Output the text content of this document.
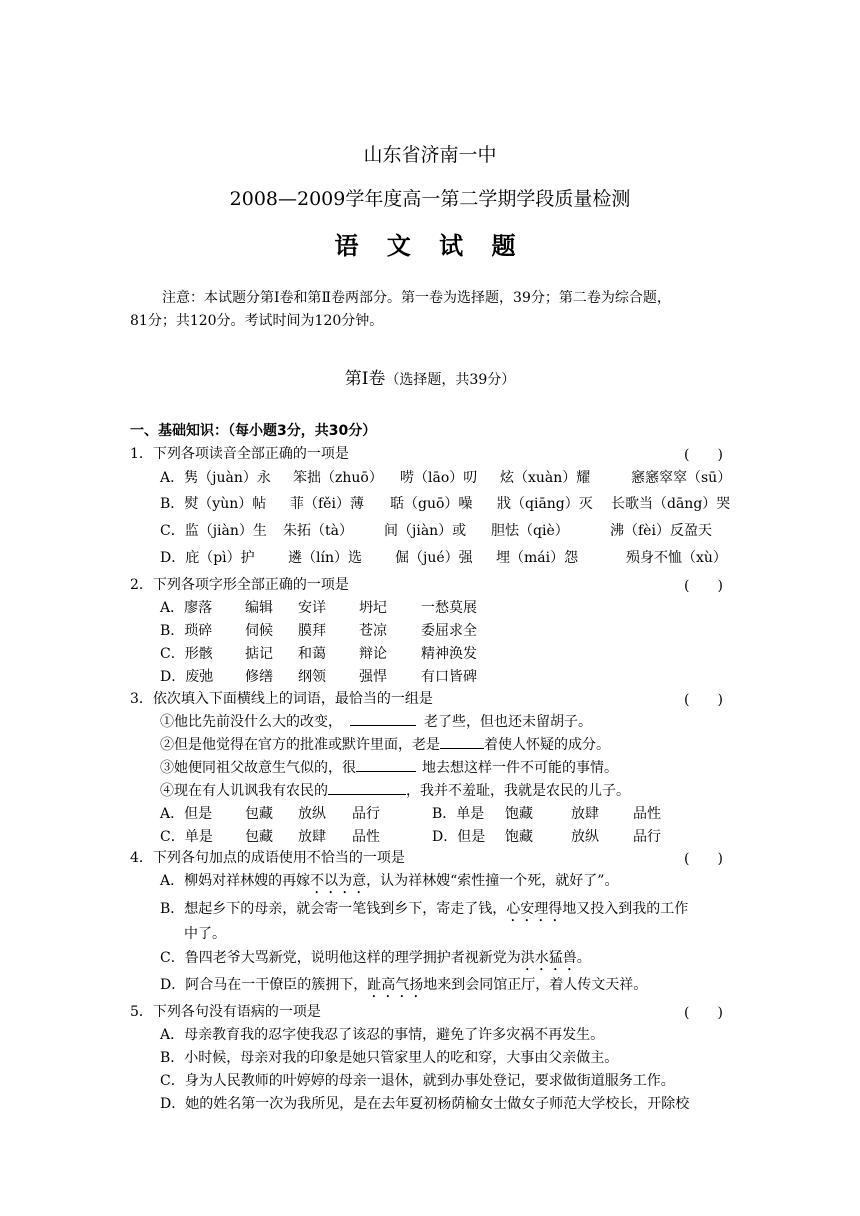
山东省济南一中
2008—2009学年度高一第二学期学段质量检测
语 文 试 题
注意：本试题分第Ⅰ卷和第Ⅱ卷两部分。第一卷为选择题，39分；第二卷为综合题，
81分；共120分。考试时间为120分钟。
第Ⅰ卷（选择题，共39分）
一、基础知识：（每小题3分，共30分）
1．下列各项读音全部正确的一项是	(　　)
A．隽（juàn）永 笨拙（zhuō） 唠（lāo）叨 炫（xuàn）耀	窸窸窣窣（sū）
B．熨（yùn）帖 菲（fěi）薄 聒（guō）噪 戕（qiāng）灭 长歌当（dāng）哭
C．监（jiàn）生 朱拓（tà） 间（jiàn）或 胆怯（qiè）	沸（fèi）反盈天
D．庇（pì）护 遴（lín）选 倔（jué）强 埋（mái）怨	殒身不恤（xù）
2．下列各项字形全部正确的一项是	(　　)
A．廖落 编辑 安详 坍圮 一愁莫展
B．琐碎 伺候 膜拜 苍凉 委屈求全
C．形骸 掂记 和蔼 辩论 精神涣发
D．废弛 修缮 纲领 强悍 有口皆碑
3．依次填入下面横线上的词语，最恰当的一组是	(　　)
①他比先前没什么大的改变，	老了些，但也还未留胡子。
②但是他觉得在官方的批准或默许里面，老是	着使人怀疑的成分。
③她便同祖父故意生气似的，很	地去想这样一件不可能的事情。
④现在有人讥讽我有农民的	，我并不羞耻，我就是农民的儿子。
A．但是 包藏 放纵 品行	B．单是 饱藏	放肆 品性
C．单是 包藏 放肆 品性	D．但是 饱藏	放纵 品行
4．下列各句加点的成语使用不恰当的一项是	(　　)
A．柳妈对祥林嫂的再嫁不以为意，认为祥林嫂“索性撞一个死，就好了”。
B．想起乡下的母亲，就会寄一笔钱到乡下，寄走了钱，心安理得地又投入到我的工作
中了。
C．鲁四老爷大骂新党，说明他这样的理学拥护者视新党为洪水猛兽。
D．阿合马在一干僚臣的簇拥下，趾高气扬地来到会同馆正厅，着人传文天祥。
5．下列各句没有语病的一项是	(　　)
A．母亲教育我的忍字使我忍了该忍的事情，避免了许多灾祸不再发生。
B．小时候，母亲对我的印象是她只管家里人的吃和穿，大事由父亲做主。
C．身为人民教师的叶婷婷的母亲一退休，就到办事处登记，要求做街道服务工作。
D．她的姓名第一次为我所见，是在去年夏初杨荫榆女士做女子师范大学校长，开除校
